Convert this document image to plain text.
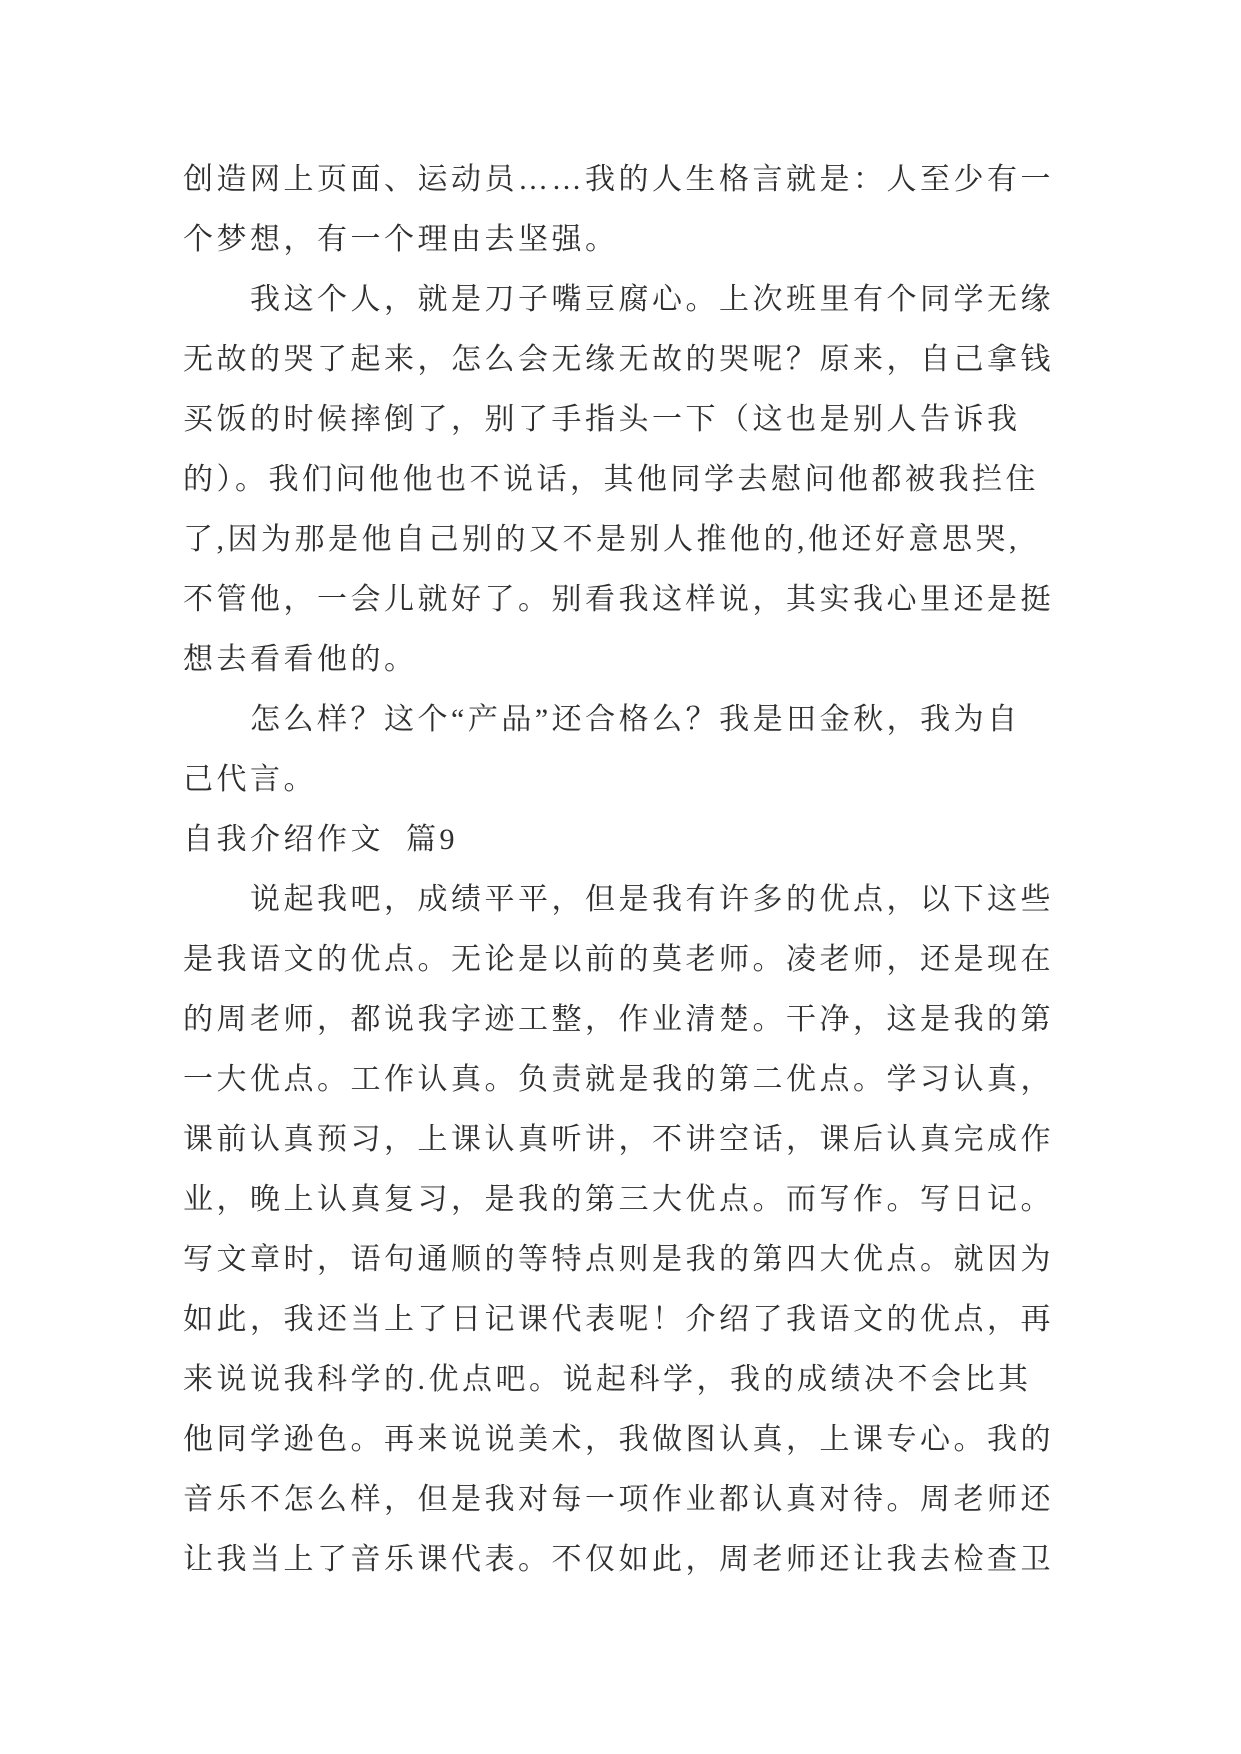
创造网上页面、运动员……我的人生格言就是：人至少有一
个梦想，有一个理由去坚强。
我这个人，就是刀子嘴豆腐心。上次班里有个同学无缘
无故的哭了起来，怎么会无缘无故的哭呢？原来，自己拿钱
买饭的时候摔倒了，别了手指头一下（这也是别人告诉我
的）。我们问他他也不说话，其他同学去慰问他都被我拦住
了,因为那是他自己别的又不是别人推他的,他还好意思哭,
不管他，一会儿就好了。别看我这样说，其实我心里还是挺
想去看看他的。
怎么样？这个“产品”还合格么？我是田金秋，我为自
己代言。
自我介绍作文  篇9
说起我吧，成绩平平，但是我有许多的优点，以下这些
是我语文的优点。无论是以前的莫老师。凌老师，还是现在
的周老师，都说我字迹工整，作业清楚。干净，这是我的第
一大优点。工作认真。负责就是我的第二优点。学习认真，
课前认真预习，上课认真听讲，不讲空话，课后认真完成作
业，晚上认真复习，是我的第三大优点。而写作。写日记。
写文章时，语句通顺的等特点则是我的第四大优点。就因为
如此，我还当上了日记课代表呢！介绍了我语文的优点，再
来说说我科学的.优点吧。说起科学，我的成绩决不会比其
他同学逊色。再来说说美术，我做图认真，上课专心。我的
音乐不怎么样，但是我对每一项作业都认真对待。周老师还
让我当上了音乐课代表。不仅如此，周老师还让我去检查卫
